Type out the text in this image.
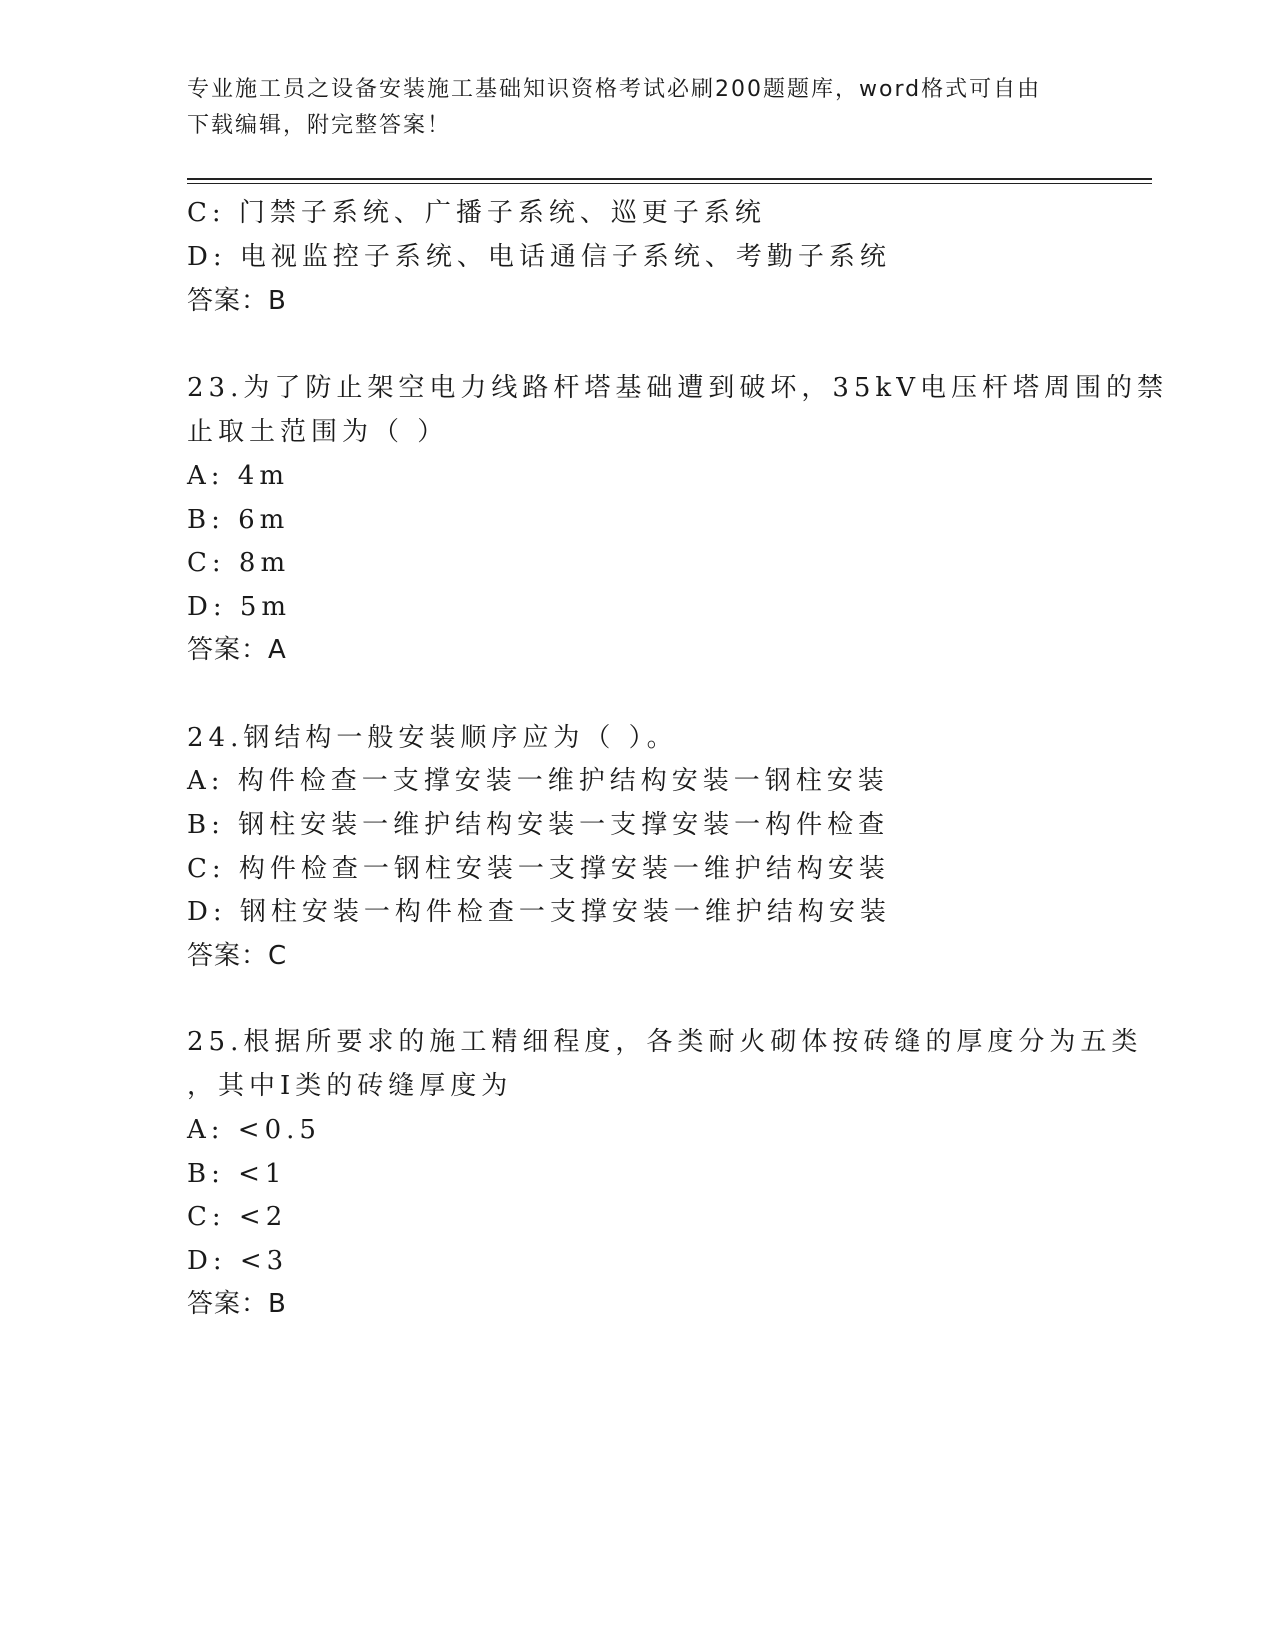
专业施工员之设备安装施工基础知识资格考试必刷200题题库，word格式可自由
下载编辑，附完整答案！
C: 门禁子系统、广播子系统、巡更子系统
D: 电视监控子系统、电话通信子系统、考勤子系统
答案：B
23.为了防止架空电力线路杆塔基础遭到破坏，35kV电压杆塔周围的禁
止取土范围为（ ）
A: 4m
B: 6m
C: 8m
D: 5m
答案：A
24.钢结构一般安装顺序应为（ ）。
A: 构件检查一支撑安装一维护结构安装一钢柱安装
B: 钢柱安装一维护结构安装一支撑安装一构件检查
C: 构件检查一钢柱安装一支撑安装一维护结构安装
D: 钢柱安装一构件检查一支撑安装一维护结构安装
答案：C
25.根据所要求的施工精细程度，各类耐火砌体按砖缝的厚度分为五类
，其中Ⅰ类的砖缝厚度为
A: <0.5
B: <1
C: <2
D: <3
答案：B
